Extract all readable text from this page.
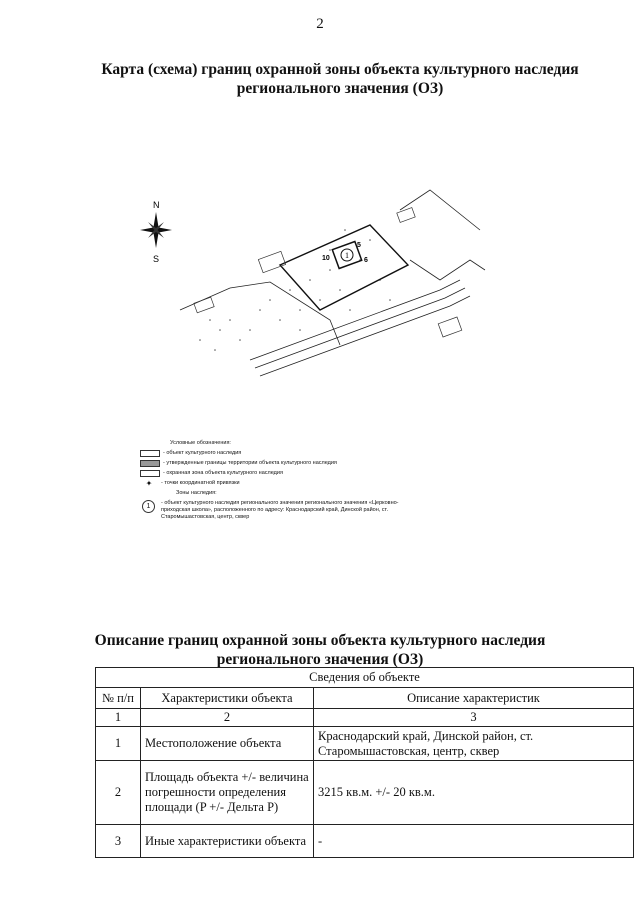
2
Карта (схема) границ охранной зоны объекта культурного наследия регионального значения (ОЗ)
N
S	1
5
6
10
Условные обозначения:
- объект культурного наследия
- утвержденные границы территории объекта культурного наследия
- охранная зона объекта культурного наследия
✦	- точки координатной привязки
Зоны наследия:
1	- объект культурного наследия регионального значения регионального значения «Церковно-приходская школа», расположенного по адресу: Краснодарский край, Динской район, ст. Старомышастовская, центр, сквер
Описание границ охранной зоны объекта культурного наследия регионального значения (ОЗ)
Сведения об объекте		
№ п/п	Характеристики объекта	Описание характеристик
1	2	3
1	Местоположение объекта	Краснодарский край, Динской район, ст. Старомышастовская, центр, сквер
2	Площадь объекта +/- величина погрешности определения площади (P +/- Дельта P)	3215 кв.м. +/- 20 кв.м.
3	Иные характеристики объекта	-
